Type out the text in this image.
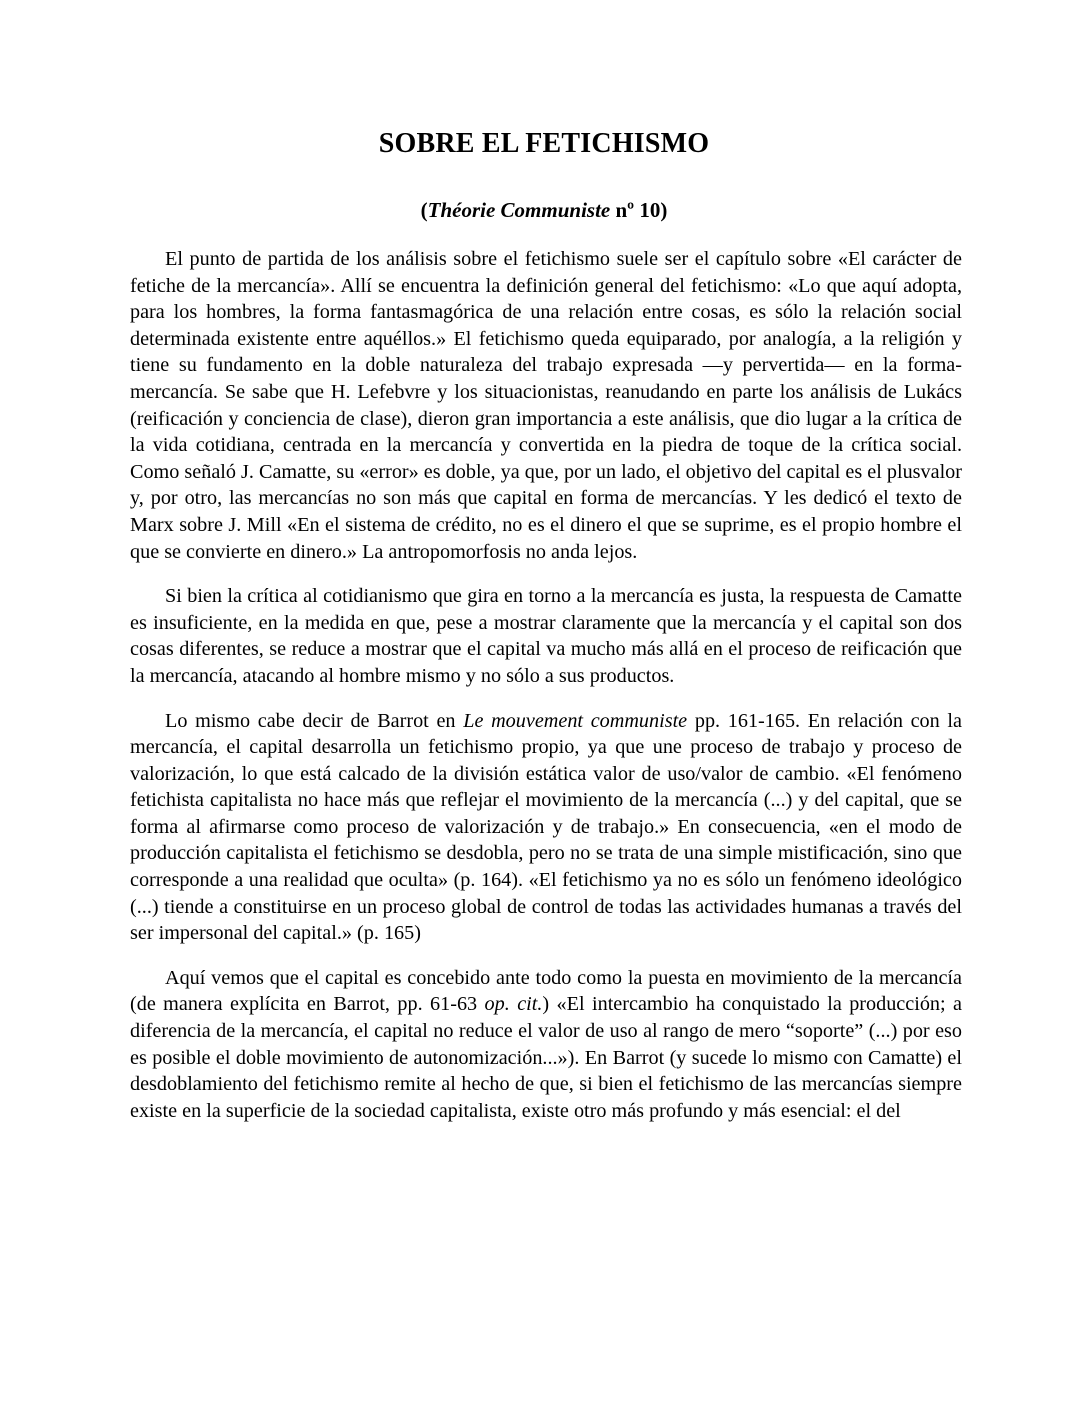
SOBRE EL FETICHISMO
(Théorie Communiste nº 10)

El punto de partida de los análisis sobre el fetichismo suele ser el capítulo sobre «El carácter de fetiche de la mercancía». Allí se encuentra la definición general del fetichismo: «Lo que aquí adopta, para los hombres, la forma fantasmagórica de una relación entre cosas, es sólo la relación social determinada existente entre aquéllos.» El fetichismo queda equiparado, por analogía, a la religión y tiene su fundamento en la doble naturaleza del trabajo expresada —y pervertida— en la forma-mercancía. Se sabe que H. Lefebvre y los situacionistas, reanudando en parte los análisis de Lukács (reificación y conciencia de clase), dieron gran importancia a este análisis, que dio lugar a la crítica de la vida cotidiana, centrada en la mercancía y convertida en la piedra de toque de la crítica social. Como señaló J. Camatte, su «error» es doble, ya que, por un lado, el objetivo del capital es el plusvalor y, por otro, las mercancías no son más que capital en forma de mercancías. Y les dedicó el texto de Marx sobre J. Mill «En el sistema de crédito, no es el dinero el que se suprime, es el propio hombre el que se convierte en dinero.» La antropomorfosis no anda lejos.

Si bien la crítica al cotidianismo que gira en torno a la mercancía es justa, la respuesta de Camatte es insuficiente, en la medida en que, pese a mostrar claramente que la mercancía y el capital son dos cosas diferentes, se reduce a mostrar que el capital va mucho más allá en el proceso de reificación que la mercancía, atacando al hombre mismo y no sólo a sus productos.

Lo mismo cabe decir de Barrot en Le mouvement communiste pp. 161-165. En relación con la mercancía, el capital desarrolla un fetichismo propio, ya que une proceso de trabajo y proceso de valorización, lo que está calcado de la división estática valor de uso/valor de cambio. «El fenómeno fetichista capitalista no hace más que reflejar el movimiento de la mercancía (...) y del capital, que se forma al afirmarse como proceso de valorización y de trabajo.» En consecuencia, «en el modo de producción capitalista el fetichismo se desdobla, pero no se trata de una simple mistificación, sino que corresponde a una realidad que oculta» (p. 164). «El fetichismo ya no es sólo un fenómeno ideológico (...) tiende a constituirse en un proceso global de control de todas las actividades humanas a través del ser impersonal del capital.» (p. 165)

Aquí vemos que el capital es concebido ante todo como la puesta en movimiento de la mercancía (de manera explícita en Barrot, pp. 61-63 op. cit.) «El intercambio ha conquistado la producción; a diferencia de la mercancía, el capital no reduce el valor de uso al rango de mero “soporte” (...) por eso es posible el doble movimiento de autonomización...»). En Barrot (y sucede lo mismo con Camatte) el desdoblamiento del fetichismo remite al hecho de que, si bien el fetichismo de las mercancías siempre existe en la superficie de la sociedad capitalista, existe otro más profundo y más esencial: el del
